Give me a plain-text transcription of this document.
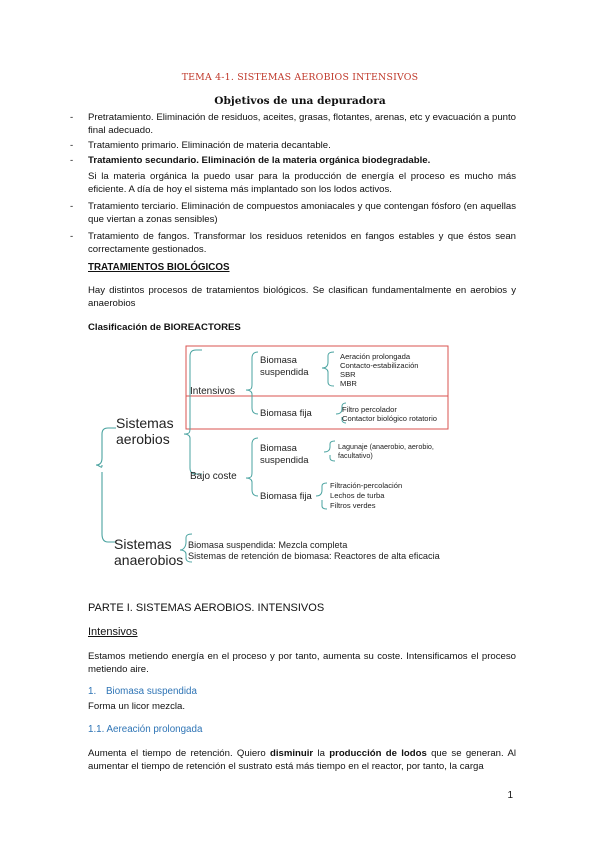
TEMA 4-1. SISTEMAS AEROBIOS INTENSIVOS
Objetivos de una depuradora
- Pretratamiento. Eliminación de residuos, aceites, grasas, flotantes, arenas, etc y evacuación a punto final adecuado.
- Tratamiento primario. Eliminación de materia decantable.
- Tratamiento secundario. Eliminación de la materia orgánica biodegradable.
Si la materia orgánica la puedo usar para la producción de energía el proceso es mucho más eficiente. A día de hoy el sistema más implantado son los lodos activos.
- Tratamiento terciario. Eliminación de compuestos amoniacales y que contengan fósforo (en aquellas que viertan a zonas sensibles)
- Tratamiento de fangos. Transformar los residuos retenidos en fangos estables y que éstos sean correctamente gestionados.
TRATAMIENTOS BIOLÓGICOS
Hay distintos procesos de tratamientos biológicos. Se clasifican fundamentalmente en aerobios y anaerobios
Clasificación de BIOREACTORES
Sistemas aerobios
Sistemas anaerobios
Intensivos
Bajo coste
Biomasa suspendida
Biomasa fija
Biomasa suspendida
Biomasa fija
Aeración prolongada Contacto-estabilización SBR MBR
Filtro percolador Contactor biológico rotatorio
Lagunaje (anaerobio, aerobio, facultativo)
Filtración-percolación Lechos de turba Filtros verdes
Biomasa suspendida: Mezcla completa Sistemas de retención de biomasa: Reactores de alta eficacia
PARTE I. SISTEMAS AEROBIOS. INTENSIVOS
Intensivos
Estamos metiendo energía en el proceso y por tanto, aumenta su coste. Intensificamos el proceso metiendo aire.
1. Biomasa suspendida
Forma un licor mezcla.
1.1. Aereación prolongada
Aumenta el tiempo de retención. Quiero disminuir la producción de lodos que se generan. Al aumentar el tiempo de retención el sustrato está más tiempo en el reactor, por tanto, la carga
1
